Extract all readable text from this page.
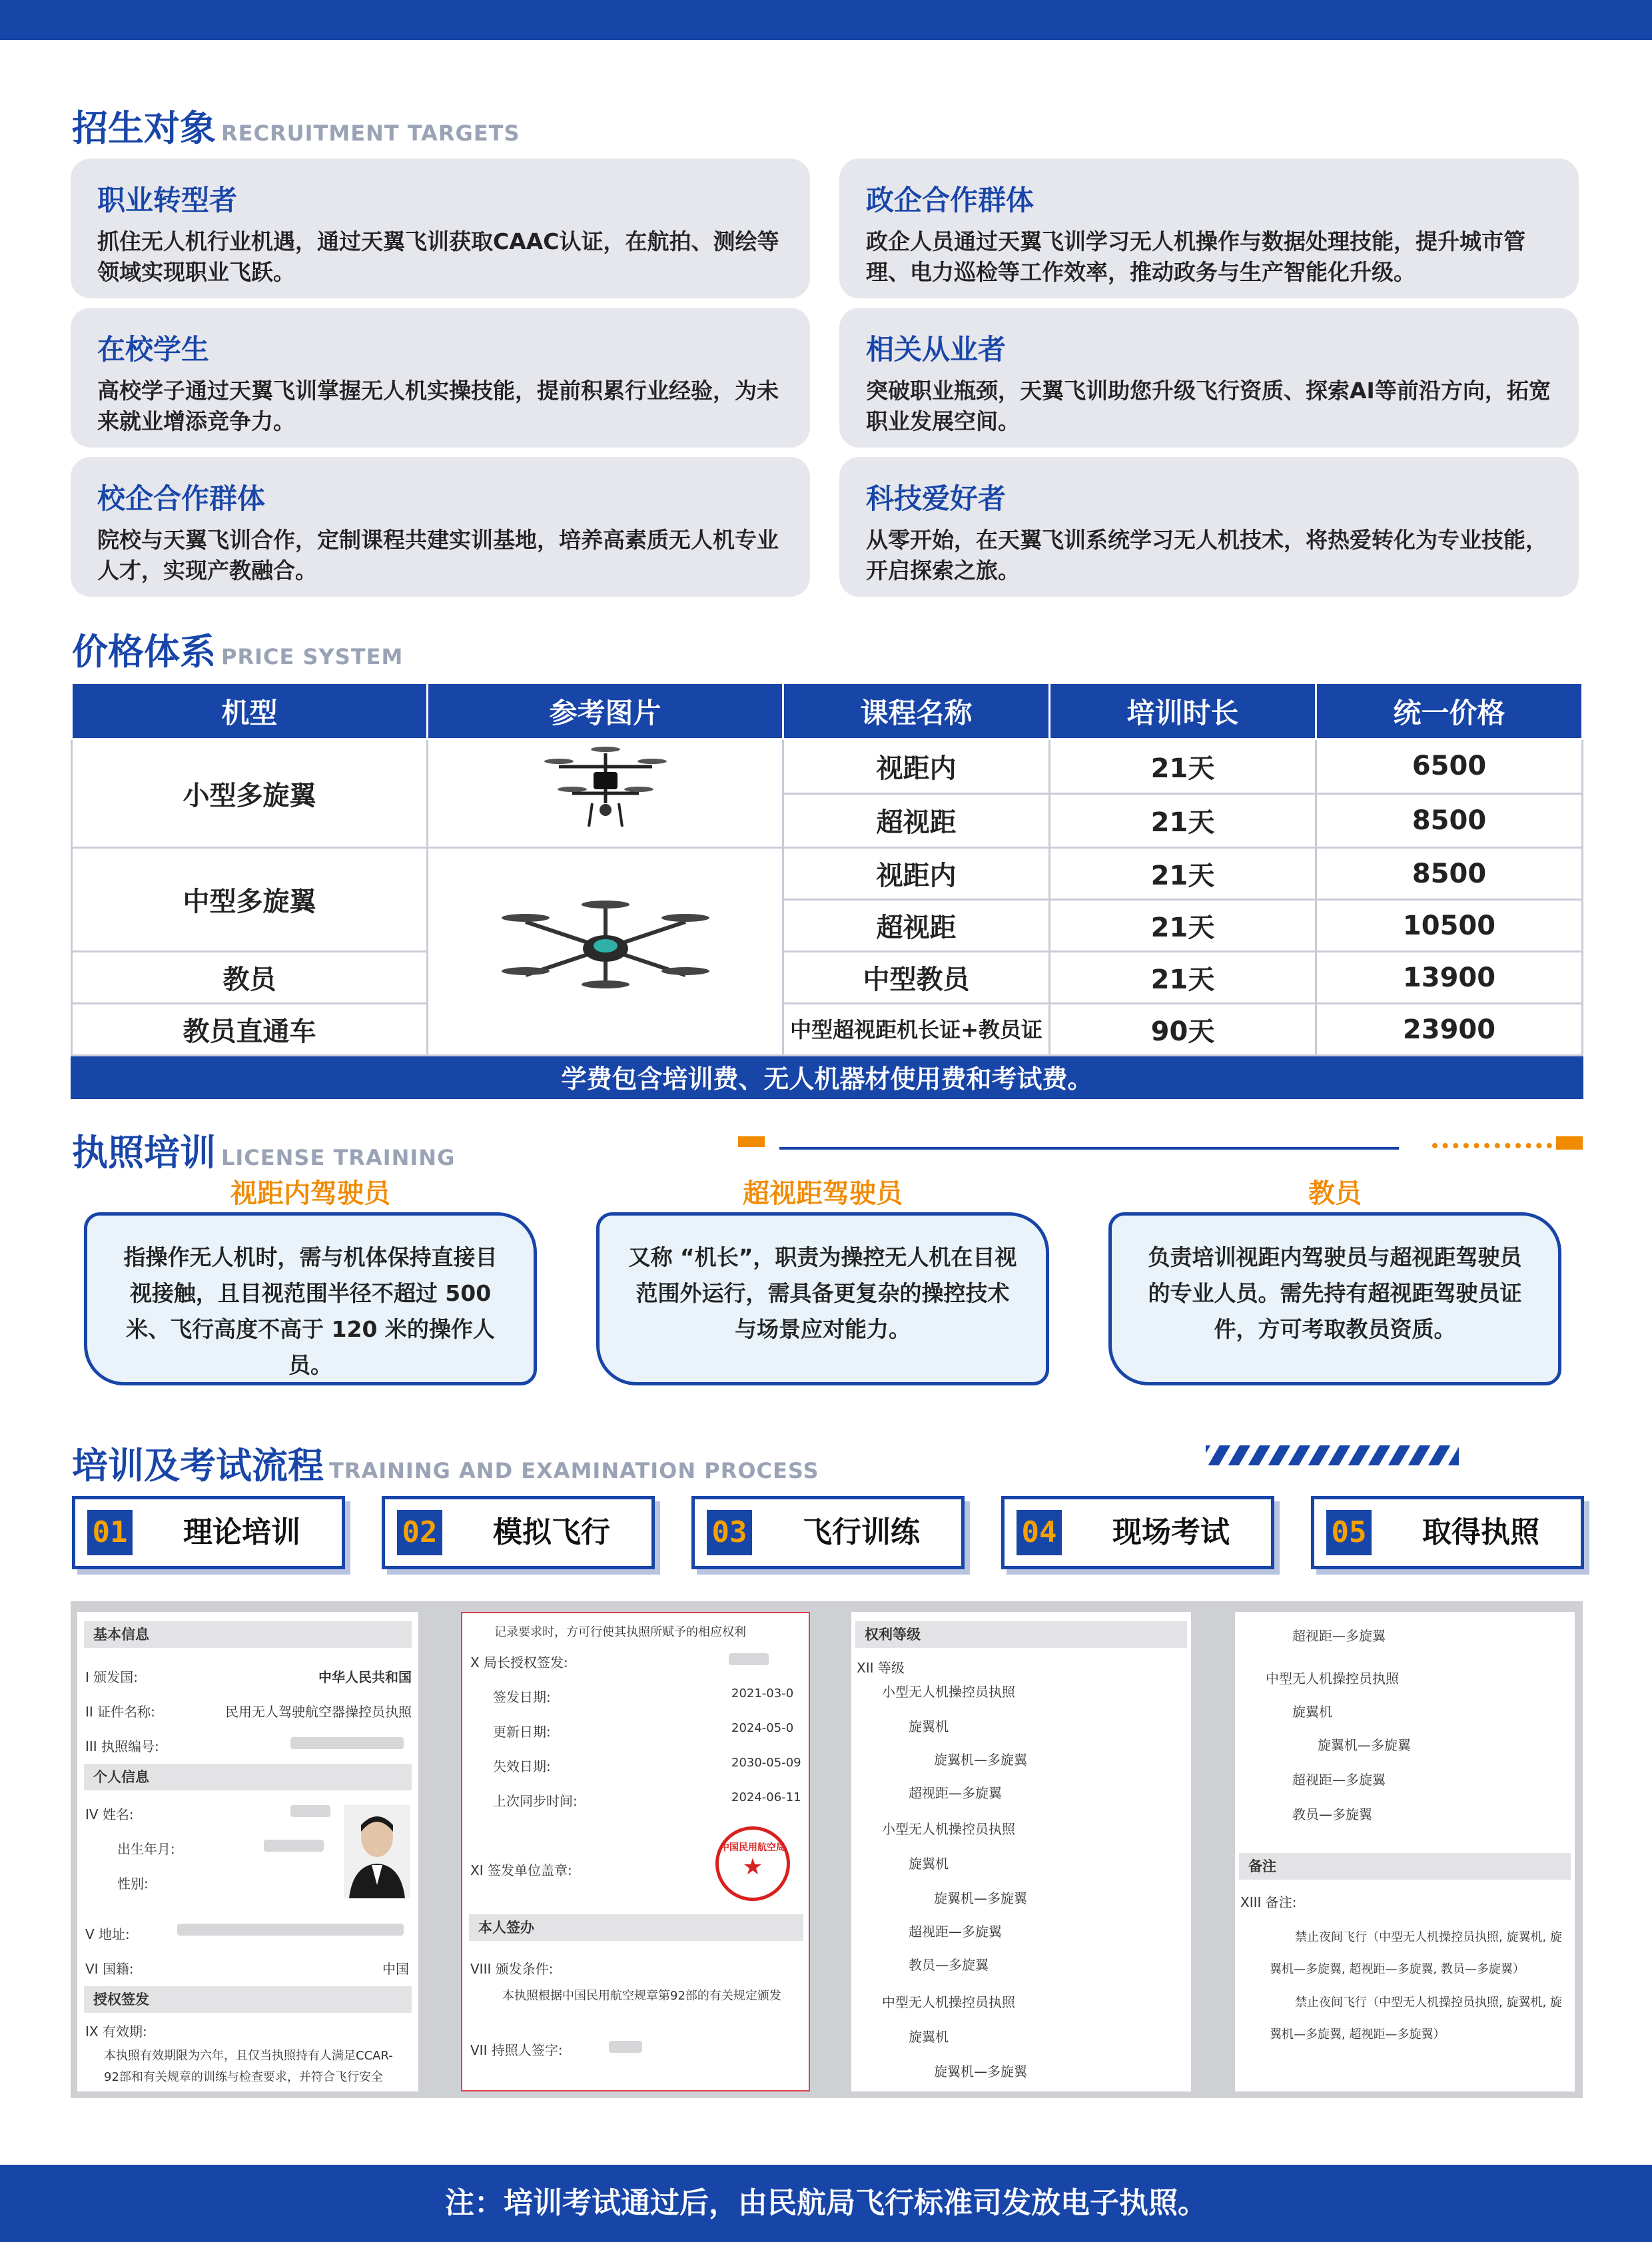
招生对象 RECRUITMENT TARGETS
职业转型者
抓住无人机行业机遇，通过天翼飞训获取CAAC认证，在航拍、测绘等领域实现职业飞跃。
政企合作群体
政企人员通过天翼飞训学习无人机操作与数据处理技能，提升城市管理、电力巡检等工作效率，推动政务与生产智能化升级。
在校学生
高校学子通过天翼飞训掌握无人机实操技能，提前积累行业经验，为未来就业增添竞争力。
相关从业者
突破职业瓶颈，天翼飞训助您升级飞行资质、探索AI等前沿方向，拓宽职业发展空间。
校企合作群体
院校与天翼飞训合作，定制课程共建实训基地，培养高素质无人机专业人才，实现产教融合。
科技爱好者
从零开始，在天翼飞训系统学习无人机技术，将热爱转化为专业技能，开启探索之旅。
价格体系 PRICE SYSTEM
机型	参考图片	课程名称	培训时长	统一价格
小型多旋翼		视距内	21天	6500
		超视距	21天	8500
中型多旋翼		视距内	21天	8500
		超视距	21天	10500
教员		中型教员	21天	13900
教员直通车		中型超视距机长证+教员证	90天	23900
学费包含培训费、无人机器材使用费和考试费。				
执照培训 LICENSE TRAINING
视距内驾驶员
指操作无人机时，需与机体保持直接目视接触，且目视范围半径不超过 500 米、飞行高度不高于 120 米的操作人员。
超视距驾驶员
又称 “机长”，职责为操控无人机在目视范围外运行，需具备更复杂的操控技术与场景应对能力。
教员
负责培训视距内驾驶员与超视距驾驶员的专业人员。需先持有超视距驾驶员证件，方可考取教员资质。
培训及考试流程 TRAINING AND EXAMINATION PROCESS
01	理论培训	02	模拟飞行	03	飞行训练	04	现场考试	05	取得执照
基本信息
I 颁发国:	中华人民共和国
II 证件名称:	民用无人驾驶航空器操控员执照
III 执照编号:
个人信息
IV 姓名:
出生年月:
性别:
V 地址:
VI 国籍:	中国
授权签发
IX 有效期:
本执照有效期限为六年，且仅当执照持有人满足CCAR-
92部和有关规章的训练与检查要求，并符合飞行安全
记录要求时，方可行使其执照所赋予的相应权利
X 局长授权签发:
签发日期:	2021-03-0
更新日期:	2024-05-0
失效日期:	2030-05-09
上次同步时间:	2024-06-11
XI 签发单位盖章:
中国民用航空局
★
本人签办
VIII 颁发条件:
本执照根据中国民用航空规章第92部的有关规定颁发
VII 持照人签字:
权利等级
XII 等级
小型无人机操控员执照
旋翼机
旋翼机—多旋翼
超视距—多旋翼
小型无人机操控员执照
旋翼机
旋翼机—多旋翼
超视距—多旋翼
教员—多旋翼
中型无人机操控员执照
旋翼机
旋翼机—多旋翼
超视距—多旋翼
中型无人机操控员执照
旋翼机
旋翼机—多旋翼
超视距—多旋翼
教员—多旋翼
备注
XIII 备注:
禁止夜间飞行（中型无人机操控员执照, 旋翼机, 旋
翼机—多旋翼, 超视距—多旋翼, 教员—多旋翼）
禁止夜间飞行（中型无人机操控员执照, 旋翼机, 旋
翼机—多旋翼, 超视距—多旋翼）
注：培训考试通过后，由民航局飞行标准司发放电子执照。
